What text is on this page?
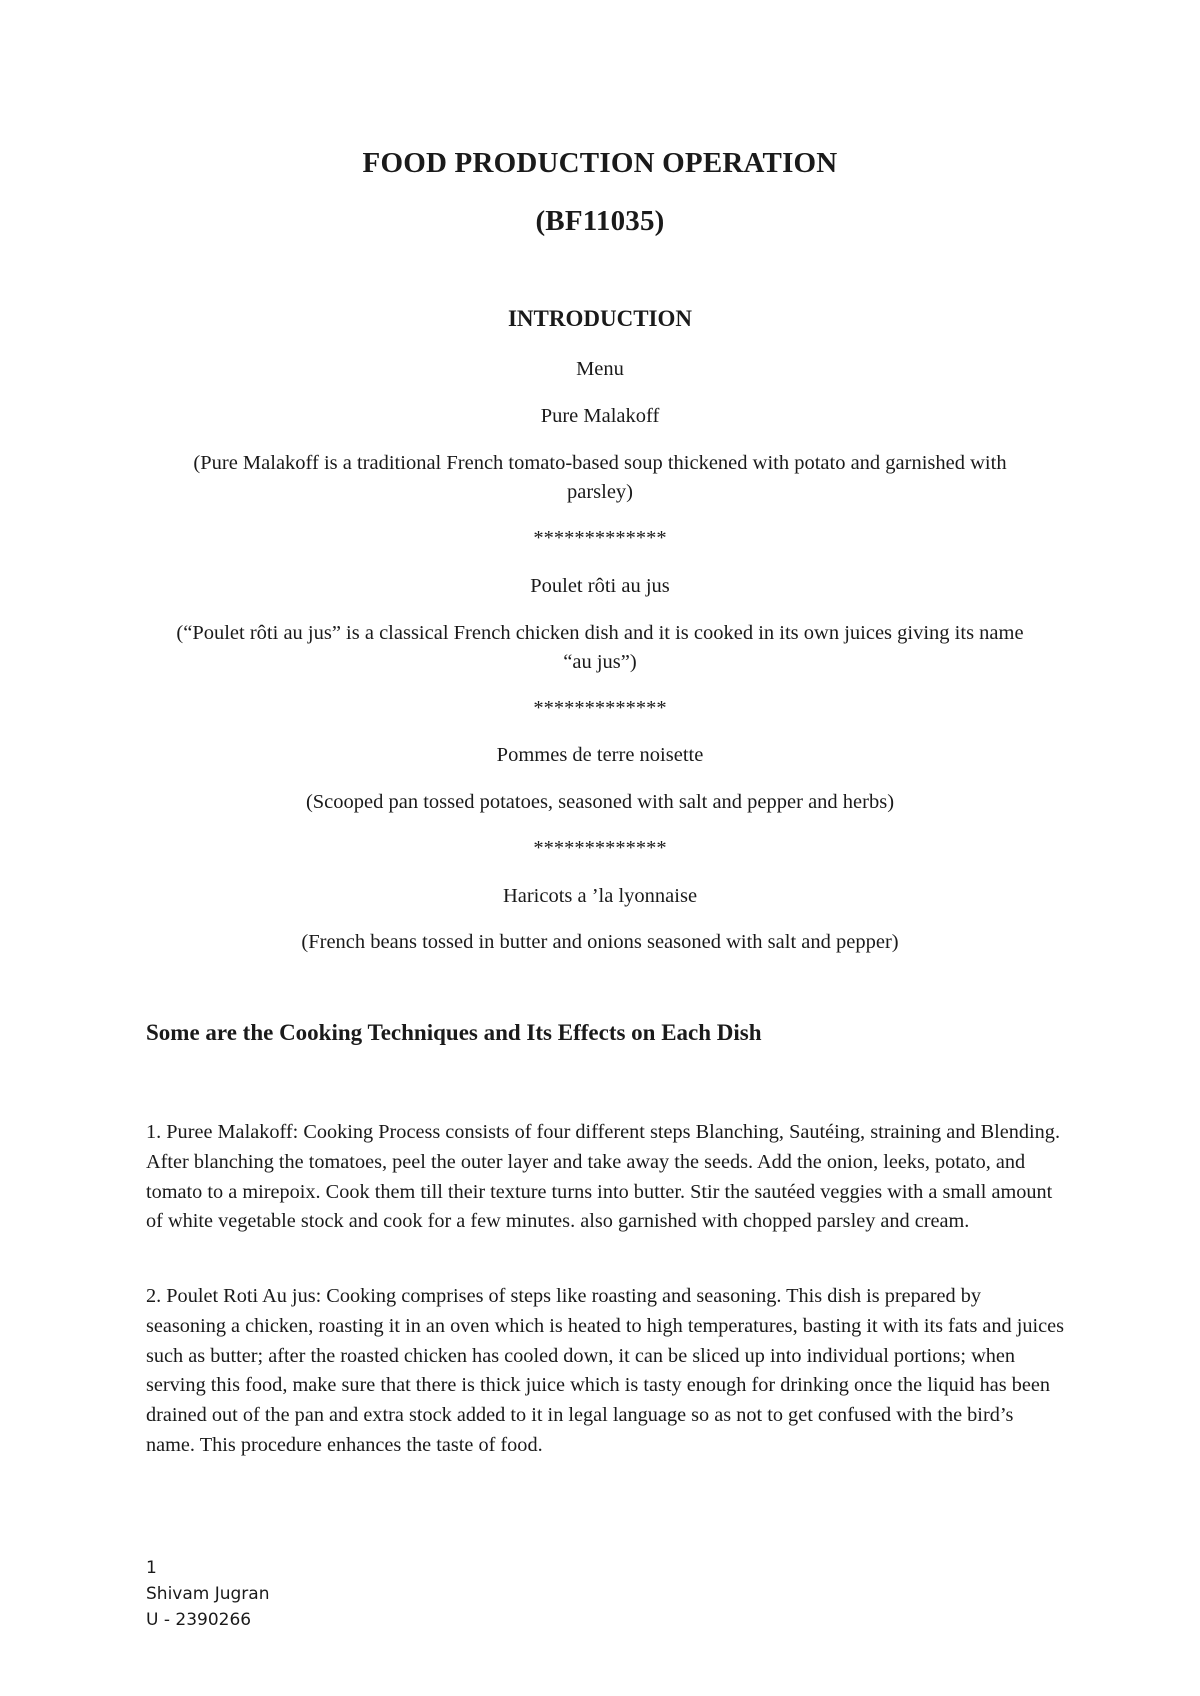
FOOD PRODUCTION OPERATION
(BF11035)
INTRODUCTION
Menu
Pure Malakoff
(Pure Malakoff is a traditional French tomato-based soup thickened with potato and garnished with parsley)
*************
Poulet rôti au jus
(“Poulet rôti au jus” is a classical French chicken dish and it is cooked in its own juices giving its name “au jus”)
*************
Pommes de terre noisette
(Scooped pan tossed potatoes, seasoned with salt and pepper and herbs)
*************
Haricots a ’la lyonnaise
(French beans tossed in butter and onions seasoned with salt and pepper)
Some are the Cooking Techniques and Its Effects on Each Dish
1. Puree Malakoff: Cooking Process consists of four different steps Blanching, Sautéing, straining and Blending. After blanching the tomatoes, peel the outer layer and take away the seeds. Add the onion, leeks, potato, and tomato to a mirepoix. Cook them till their texture turns into butter. Stir the sautéed veggies with a small amount of white vegetable stock and cook for a few minutes. also garnished with chopped parsley and cream.
2. Poulet Roti Au jus: Cooking comprises of steps like roasting and seasoning. This dish is prepared by seasoning a chicken, roasting it in an oven which is heated to high temperatures, basting it with its fats and juices such as butter; after the roasted chicken has cooled down, it can be sliced up into individual portions; when serving this food, make sure that there is thick juice which is tasty enough for drinking once the liquid has been drained out of the pan and extra stock added to it in legal language so as not to get confused with the bird’s name. This procedure enhances the taste of food.
1
Shivam Jugran
U - 2390266
